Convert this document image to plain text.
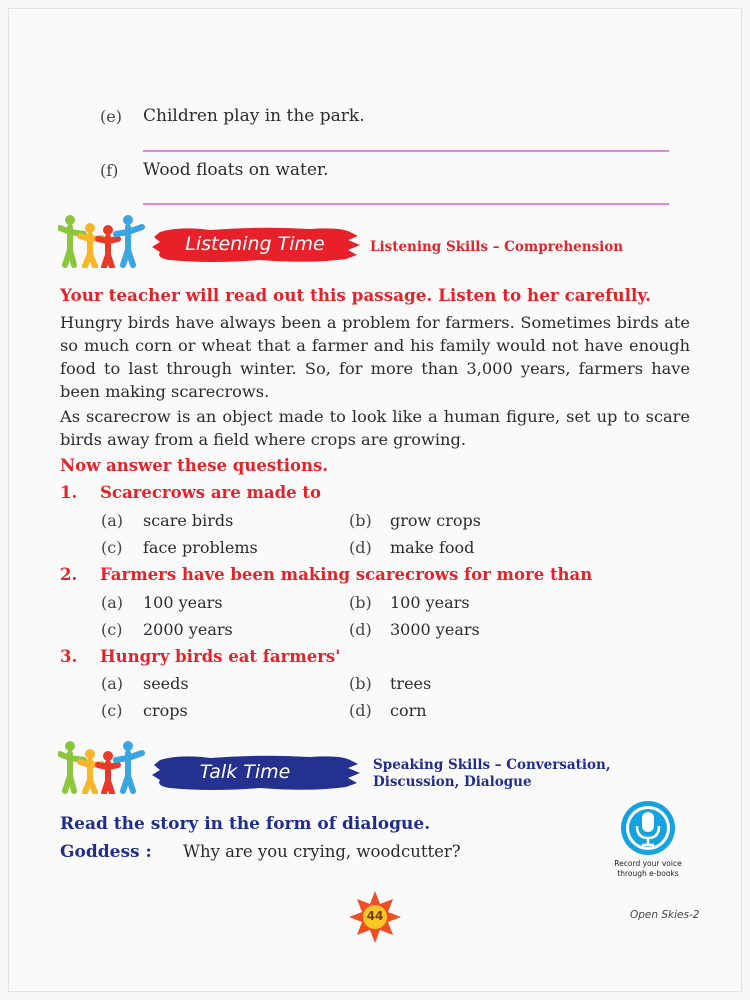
(e) Children play in the park.
(f) Wood floats on water.
Listening Time	Listening Skills – Comprehension
Your teacher will read out this passage. Listen to her carefully.
Hungry birds have always been a problem for farmers. Sometimes birds ate so much corn or wheat that a farmer and his family would not have enough food to last through winter. So, for more than 3,000 years, farmers have been making scarecrows.
As scarecrow is an object made to look like a human figure, set up to scare birds away from a field where crops are growing.
Now answer these questions.
1. Scarecrows are made to
(a) scare birds	(b) grow crops
(c) face problems	(d) make food
2. Farmers have been making scarecrows for more than
(a) 100 years	(b) 100 years
(c) 2000 years	(d) 3000 years
3. Hungry birds eat farmers'
(a) seeds	(b) trees
(c) crops	(d) corn
Talk Time	Speaking Skills – Conversation,
Discussion, Dialogue
Read the story in the form of dialogue.
Goddess : Why are you crying, woodcutter?
Record your voice
through e-books
44	Open Skies-2
